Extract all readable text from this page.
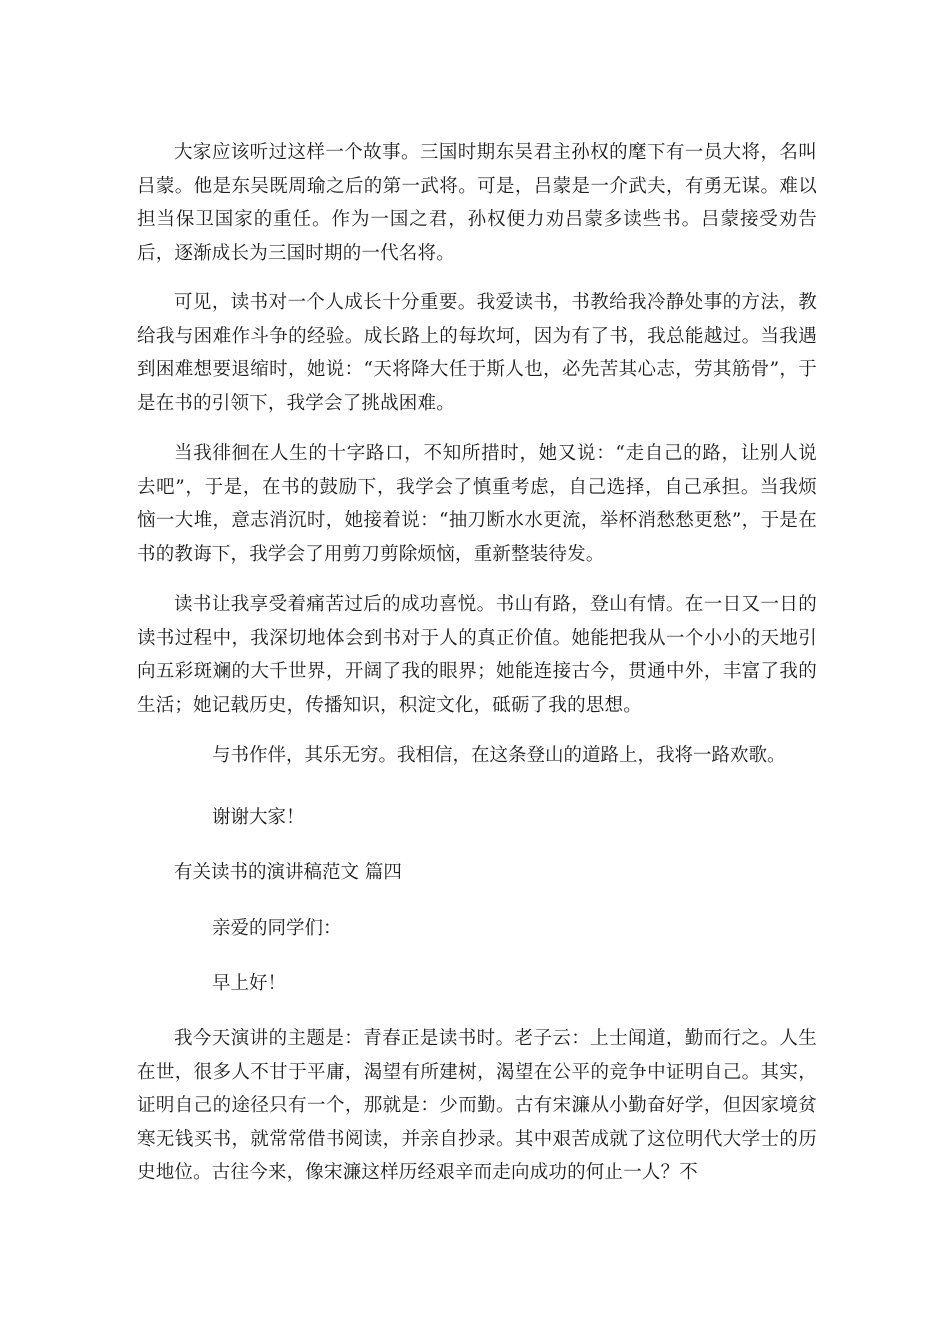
大家应该听过这样一个故事。三国时期东吴君主孙权的麾下有一员大将，名叫吕蒙。他是东吴既周瑜之后的第一武将。可是，吕蒙是一介武夫，有勇无谋。难以担当保卫国家的重任。作为一国之君，孙权便力劝吕蒙多读些书。吕蒙接受劝告后，逐渐成长为三国时期的一代名将。

可见，读书对一个人成长十分重要。我爱读书，书教给我冷静处事的方法，教给我与困难作斗争的经验。成长路上的每坎坷，因为有了书，我总能越过。当我遇到困难想要退缩时，她说：“天将降大任于斯人也，必先苦其心志，劳其筋骨”，于是在书的引领下，我学会了挑战困难。

当我徘徊在人生的十字路口，不知所措时，她又说：“走自己的路，让别人说去吧”，于是，在书的鼓励下，我学会了慎重考虑，自己选择，自己承担。当我烦恼一大堆，意志消沉时，她接着说：“抽刀断水水更流，举杯消愁愁更愁”，于是在书的教诲下，我学会了用剪刀剪除烦恼，重新整装待发。

读书让我享受着痛苦过后的成功喜悦。书山有路，登山有情。在一日又一日的读书过程中，我深切地体会到书对于人的真正价值。她能把我从一个小小的天地引向五彩斑斓的大千世界，开阔了我的眼界；她能连接古今，贯通中外，丰富了我的生活；她记载历史，传播知识，积淀文化，砥砺了我的思想。

与书作伴，其乐无穷。我相信，在这条登山的道路上，我将一路欢歌。

谢谢大家！

有关读书的演讲稿范文 篇四

亲爱的同学们：

早上好！

我今天演讲的主题是：青春正是读书时。老子云：上士闻道，勤而行之。人生在世，很多人不甘于平庸，渴望有所建树，渴望在公平的竞争中证明自己。其实，证明自己的途径只有一个，那就是：少而勤。古有宋濂从小勤奋好学，但因家境贫寒无钱买书，就常常借书阅读，并亲自抄录。其中艰苦成就了这位明代大学士的历史地位。古往今来，像宋濂这样历经艰辛而走向成功的何止一人？不
